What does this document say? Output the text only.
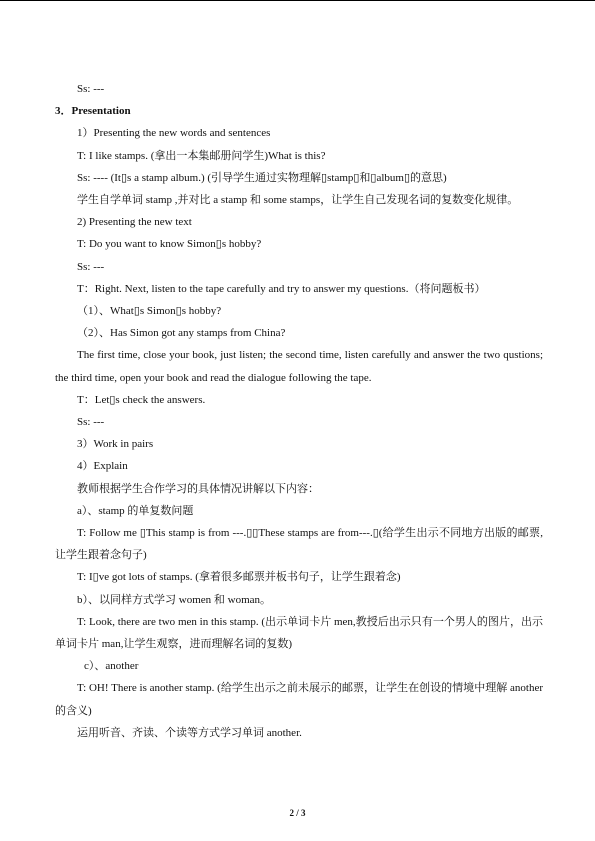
Ss: ---

3．Presentation

1）Presenting the new words and sentences

T: I like stamps. (拿出一本集邮册问学生)What is this?

Ss: ---- (It▯s a stamp album.) (引导学生通过实物理解▯stamp▯和▯album▯的意思)

学生自学单词 stamp ,并对比 a stamp 和 some stamps，让学生自己发现名词的复数变化规律。

2) Presenting the new text

T: Do you want to know Simon▯s hobby?

Ss: ---

T：Right. Next, listen to the tape carefully and try to answer my questions.（将问题板书）

（1）、What▯s Simon▯s hobby?

（2）、Has Simon got any stamps from China?

The first time, close your book, just listen; the second time, listen carefully and answer the two qustions; the third time, open your book and read the dialogue following the tape.

T：Let▯s check the answers.

Ss: ---

3）Work in pairs

4）Explain

教师根据学生合作学习的具体情况讲解以下内容：

a）、stamp 的单复数问题

T: Follow me ▯This stamp is from ---.▯▯These stamps are from---.▯(给学生出示不同地方出版的邮票,让学生跟着念句子)

T: I▯ve got lots of stamps. (拿着很多邮票并板书句子，让学生跟着念)

b）、以同样方式学习 women 和 woman。

T: Look, there are two men in this stamp. (出示单词卡片 men,教授后出示只有一个男人的图片，出示单词卡片 man,让学生观察，进而理解名词的复数)

c）、another

T: OH! There is another stamp. (给学生出示之前未展示的邮票，让学生在创设的情境中理解 another 的含义)

运用听音、齐读、个读等方式学习单词 another.

2 / 3
